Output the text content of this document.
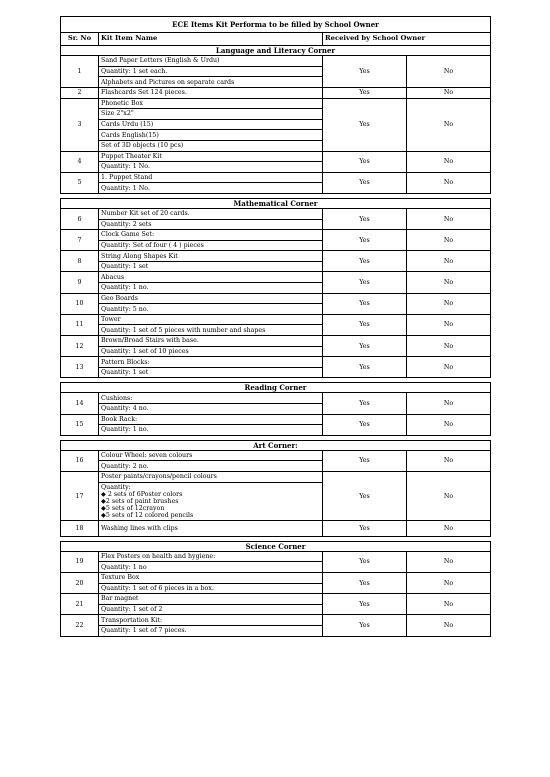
ECE Items Kit Performa to be filled by School Owner			
Sr. No	Kit Item Name	Received by School Owner	
Language and Literacy Corner			
1	Sand Paper Letters (English & Urdu)	Yes	No
	Quantity: 1 set each.		
	Alphabets and Pictures on separate cards		
2	Flashcards Set 124 pieces.	Yes	No
3	Phonetic Box	Yes	No
	Size 2"x2"		
	Cards Urdu (15)		
	Cards English(15)		
	Set of 3D objects (10 pcs)		
4	Puppet Theater Kit	Yes	No
	Quantity: 1 No.		
5	1. Puppet Stand	Yes	No
	Quantity: 1 No.		

Mathematical Corner			
6	Number Kit set of 20 cards.	Yes	No
	Quantity: 2 sets		
7	Clock Game Set:	Yes	No
	Quantity: Set of four ( 4 ) pieces		
8	String Along Shapes Kit	Yes	No
	Quantity: 1 set		
9	Abacus	Yes	No
	Quantity: 1 no.		
10	Geo Boards	Yes	No
	Quantity: 5 no.		
11	Tower	Yes	No
	Quantity: 1 set of 5 pieces with number and shapes		
12	Brown/Broad Stairs with base.	Yes	No
	Quantity: 1 set of 10 pieces		
13	Pattern Blocks:	Yes	No
	Quantity: 1 set		

Reading Corner			
14	Cushions:	Yes	No
	Quantity: 4 no.		
15	Book Rack:	Yes	No
	Quantity: 1 no.		

Art Corner:			
16	Colour Wheel: seven colours	Yes	No
	Quantity: 2 no.		
17	Poster paints/crayons/pencil colours	Yes	No
	Quantity:
◆ 2 sets of 6Poster colors
◆2 sets of paint brushes
◆5 sets of 12crayon
◆5 sets of 12 colored pencils		
18	Washing lines with clips	Yes	No

Science Corner			
19	Flex Posters on health and hygiene:	Yes	No
	Quantity: 1 no		
20	Texture Box	Yes	No
	Quantity: 1 set of 6 pieces in a box.		
21	Bar magnet	Yes	No
	Quantity: 1 set of 2		
22	Transportation Kit:	Yes	No
	Quantity: 1 set of 7 pieces.		
